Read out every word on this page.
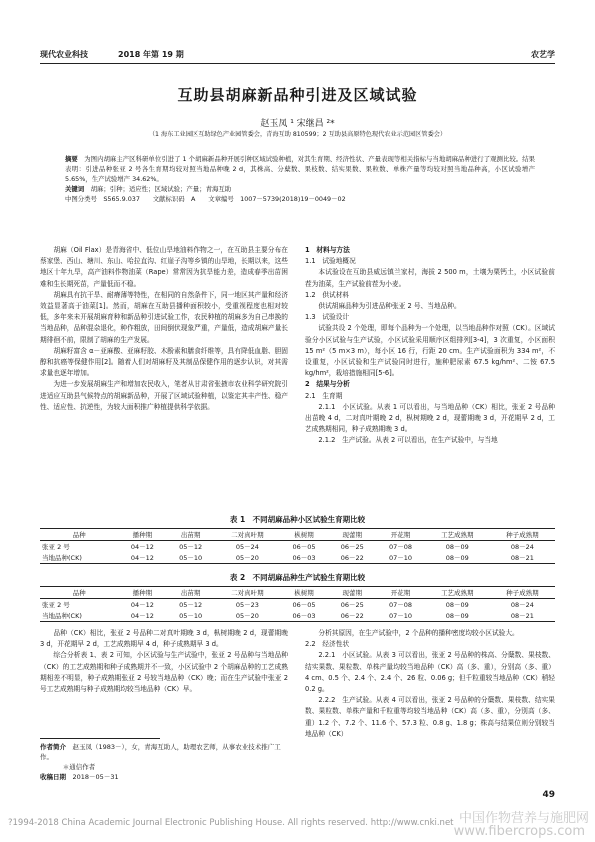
现代农业科技	2018 年第 19 期	农艺学
互助县胡麻新品种引进及区域试验
赵玉凤 ¹ 宋继昌 ²*
（1 海东工业园区互助绿色产业园管委会，青海互助 810599；2 互助县高原特色现代农业示范园区管委会）
摘要　 为图内胡麻主产区科研单位引进了 1 个胡麻新品种开展引种区域试验种植，对其生育期、经济性状、产量表现等相关指标与当地胡麻品种进行了观测比较。结果表明：引进品种张亚 2 号各生育期均较对照当地品种晚 2 d，其株高、分蘖数、果枝数、结实果数、果粒数、单株产量等均较对照当地品种高，小区试验增产 5.65%，生产试验增产 34.62%。
关键词　 胡麻；引种；适应性；区域试验；产量；青海互助
中图分类号　S565.9.037　　文献标识码　A　　文章编号　1007－5739(2018)19－0049－02

胡麻（Oil Flax）是青海省中、低位山旱地油料作物之一，在互助县主要分布在蔡家堡、西山、塘川、东山、哈拉直沟、红崖子沟等乡镇的山旱地，长期以来，这些地区十年九旱，高产油料作物油菜（Rape）常常因为抗旱能力差，造成春季出苗困难和生长期死苗，产量低而不稳。

胡麻具有抗干旱、耐瘠薄等特性，在相同的自然条件下，同一地区其产量和经济效益显著高于油菜[1]。然而，胡麻在互助县播种面积较小，受重视程度也相对较低，多年来未开展胡麻育种和新品种引进试验工作，农民种植的胡麻多为自己串换的当地品种，品种混杂退化，种作粗放，田间倒伏现象严重，产量低，造成胡麻产量长期徘徊不前，限制了胡麻的生产发展。

胡麻籽富含 α－亚麻酸、亚麻籽胶、木酚素和膳食纤维等，具有降低血脂、胆固醇和抗癌等保健作用[2]。随着人们对胡麻籽及其制品保健作用的逐步认识，对其需求量也逐年增加。

为进一步发展胡麻生产和增加农民收入，笔者从甘肃省张掖市农业科学研究院引进适应互助县气候特点的胡麻新品种，开展了区域试验种植，以鉴定其丰产性、稳产性、适应性、抗逆性，为较大面积推广种植提供科学依据。

1　材料与方法

1.1　试验地概况

本试验设在互助县威远镇兰家村，海拔 2 500 m，土壤为栗钙土，小区试验前茬为油菜，生产试验前茬为小麦。

1.2　供试材料

供试胡麻品种为引进品种张亚 2 号、当地品种。

1.3　试验设计

试验共设 2 个处理，即每个品种为一个处理，以当地品种作对照（CK）。区域试验分小区试验与生产试验，小区试验采用顺序区组排列[3-4]，3 次重复，小区面积 15 m²（5 m×3 m），每小区 16 行，行距 20 cm。生产试验面积为 334 m²，不设重复，小区试验和生产试验同时进行，施种肥尿素 67.5 kg/hm²、二铵 67.5 kg/hm²，栽培措施相同[5-6]。

2　结果与分析

2.1　生育期

2.1.1　小区试验。从表 1 可以看出，与当地品种（CK）相比，张亚 2 号品种出苗晚 4 d，二对真叶期晚 2 d，枞树期晚 2 d，现蕾期晚 3 d，开花期早 2 d，工艺成熟期相同，种子成熟期晚 3 d。

2.1.2　生产试验。从表 2 可以看出，在生产试验中，与当地

表 1　不同胡麻品种小区试验生育期比较
品种	播种期	出苗期	二对真叶期	枞树期	现蕾期	开花期	工艺成熟期	种子成熟期
张亚 2 号	04－12	05－12	05－24	06－05	06－25	07－08	08－09	08－24
当地品种(CK)	04－12	05－10	05－20	06－03	06－22	07－10	08－09	08－21
表 2　不同胡麻品种生产试验生育期比较
品种	播种期	出苗期	二对真叶期	枞树期	现蕾期	开花期	工艺成熟期	种子成熟期
张亚 2 号	04－12	05－12	05－23	06－05	06－25	07－08	08－09	08－24
当地品种(CK)	04－12	05－10	05－20	06－03	06－22	07－10	08－09	08－21

品种（CK）相比，张亚 2 号品种二对真叶期晚 3 d，枞树期晚 2 d，现蕾期晚 3 d，开花期早 2 d，工艺成熟期早 4 d，种子成熟期早 3 d。

综合分析表 1、表 2 可知，小区试验与生产试验中，张亚 2 号品种与当地品种（CK）的工艺成熟期和种子成熟期并不一致，小区试验中 2 个胡麻品种的工艺成熟期相差不明显，种子成熟期张亚 2 号较当地品种（CK）晚；而在生产试验中张亚 2 号工艺成熟期与种子成熟期均较当地品种（CK）早。

作者简介　 赵玉凤（1983－），女，青海互助人，助理农艺师，从事农业技术推广工作。
＊通信作者
收稿日期　 2018－05－31

分析其原因，在生产试验中，2 个品种的播种密度均较小区试验大。

2.2　经济性状

2.2.1　小区试验。从表 3 可以看出，张亚 2 号品种的株高、分蘖数、果枝数、结实果数、果粒数、单株产量均较当地品种（CK）高（多、重），分别高（多、重）4 cm、0.5 个、2.4 个、2.4 个、26 粒、0.06 g；但千粒重较当地品种（CK）稍轻 0.2 g。

2.2.2　生产试验。从表 4 可以看出，张亚 2 号品种的分蘖数、果枝数、结实果数、果粒数、单株产量和千粒重等均较当地品种（CK）高（多、重），分别高（多、重）1.2 个、7.2 个、11.6 个、57.3 粒、0.8 g、1.8 g；株高与结果位则分别较当地品种（CK）

49
?1994-2018 China Academic Journal Electronic Publishing House. All rights reserved. http://www.cnki.net 中国作物营养与施肥网
www.fibercrops.com
